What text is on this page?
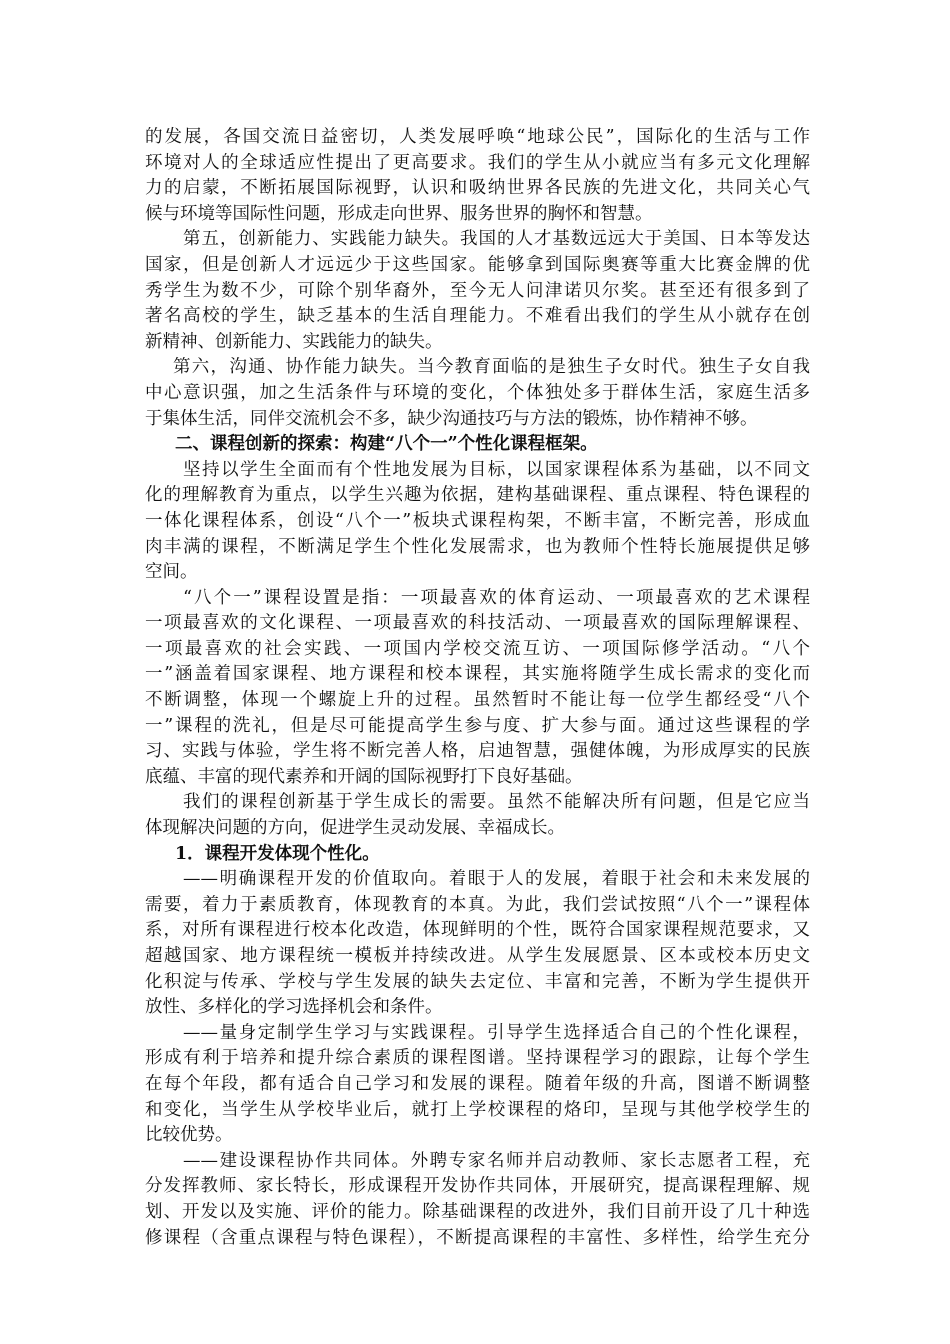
的发展，各国交流日益密切，人类发展呼唤“地球公民”，国际化的生活与工作
环境对人的全球适应性提出了更高要求。我们的学生从小就应当有多元文化理解
力的启蒙，不断拓展国际视野，认识和吸纳世界各民族的先进文化，共同关心气
候与环境等国际性问题，形成走向世界、服务世界的胸怀和智慧。
第五，创新能力、实践能力缺失。我国的人才基数远远大于美国、日本等发达
国家，但是创新人才远远少于这些国家。能够拿到国际奥赛等重大比赛金牌的优
秀学生为数不少，可除个别华裔外，至今无人问津诺贝尔奖。甚至还有很多到了
著名高校的学生，缺乏基本的生活自理能力。不难看出我们的学生从小就存在创
新精神、创新能力、实践能力的缺失。
第六，沟通、协作能力缺失。当今教育面临的是独生子女时代。独生子女自我
中心意识强，加之生活条件与环境的变化，个体独处多于群体生活，家庭生活多
于集体生活，同伴交流机会不多，缺少沟通技巧与方法的锻炼，协作精神不够。
二、课程创新的探索：构建“八个一”个性化课程框架。
坚持以学生全面而有个性地发展为目标，以国家课程体系为基础，以不同文
化的理解教育为重点，以学生兴趣为依据，建构基础课程、重点课程、特色课程的
一体化课程体系，创设“八个一”板块式课程构架，不断丰富，不断完善，形成血
肉丰满的课程，不断满足学生个性化发展需求，也为教师个性特长施展提供足够
空间。
“八个一”课程设置是指：一项最喜欢的体育运动、一项最喜欢的艺术课程
一项最喜欢的文化课程、一项最喜欢的科技活动、一项最喜欢的国际理解课程、
一项最喜欢的社会实践、一项国内学校交流互访、一项国际修学活动。“八个
一”涵盖着国家课程、地方课程和校本课程，其实施将随学生成长需求的变化而
不断调整，体现一个螺旋上升的过程。虽然暂时不能让每一位学生都经受“八个
一”课程的洗礼，但是尽可能提高学生参与度、扩大参与面。通过这些课程的学
习、实践与体验，学生将不断完善人格，启迪智慧，强健体魄，为形成厚实的民族
底蕴、丰富的现代素养和开阔的国际视野打下良好基础。
我们的课程创新基于学生成长的需要。虽然不能解决所有问题，但是它应当
体现解决问题的方向，促进学生灵动发展、幸福成长。
1．课程开发体现个性化。
——明确课程开发的价值取向。着眼于人的发展，着眼于社会和未来发展的
需要，着力于素质教育，体现教育的本真。为此，我们尝试按照“八个一”课程体
系，对所有课程进行校本化改造，体现鲜明的个性，既符合国家课程规范要求，又
超越国家、地方课程统一模板并持续改进。从学生发展愿景、区本或校本历史文
化积淀与传承、学校与学生发展的缺失去定位、丰富和完善，不断为学生提供开
放性、多样化的学习选择机会和条件。
——量身定制学生学习与实践课程。引导学生选择适合自己的个性化课程，
形成有利于培养和提升综合素质的课程图谱。坚持课程学习的跟踪，让每个学生
在每个年段，都有适合自己学习和发展的课程。随着年级的升高，图谱不断调整
和变化，当学生从学校毕业后，就打上学校课程的烙印，呈现与其他学校学生的
比较优势。
——建设课程协作共同体。外聘专家名师并启动教师、家长志愿者工程，充
分发挥教师、家长特长，形成课程开发协作共同体，开展研究，提高课程理解、规
划、开发以及实施、评价的能力。除基础课程的改进外，我们目前开设了几十种选
修课程（含重点课程与特色课程），不断提高课程的丰富性、多样性，给学生充分
